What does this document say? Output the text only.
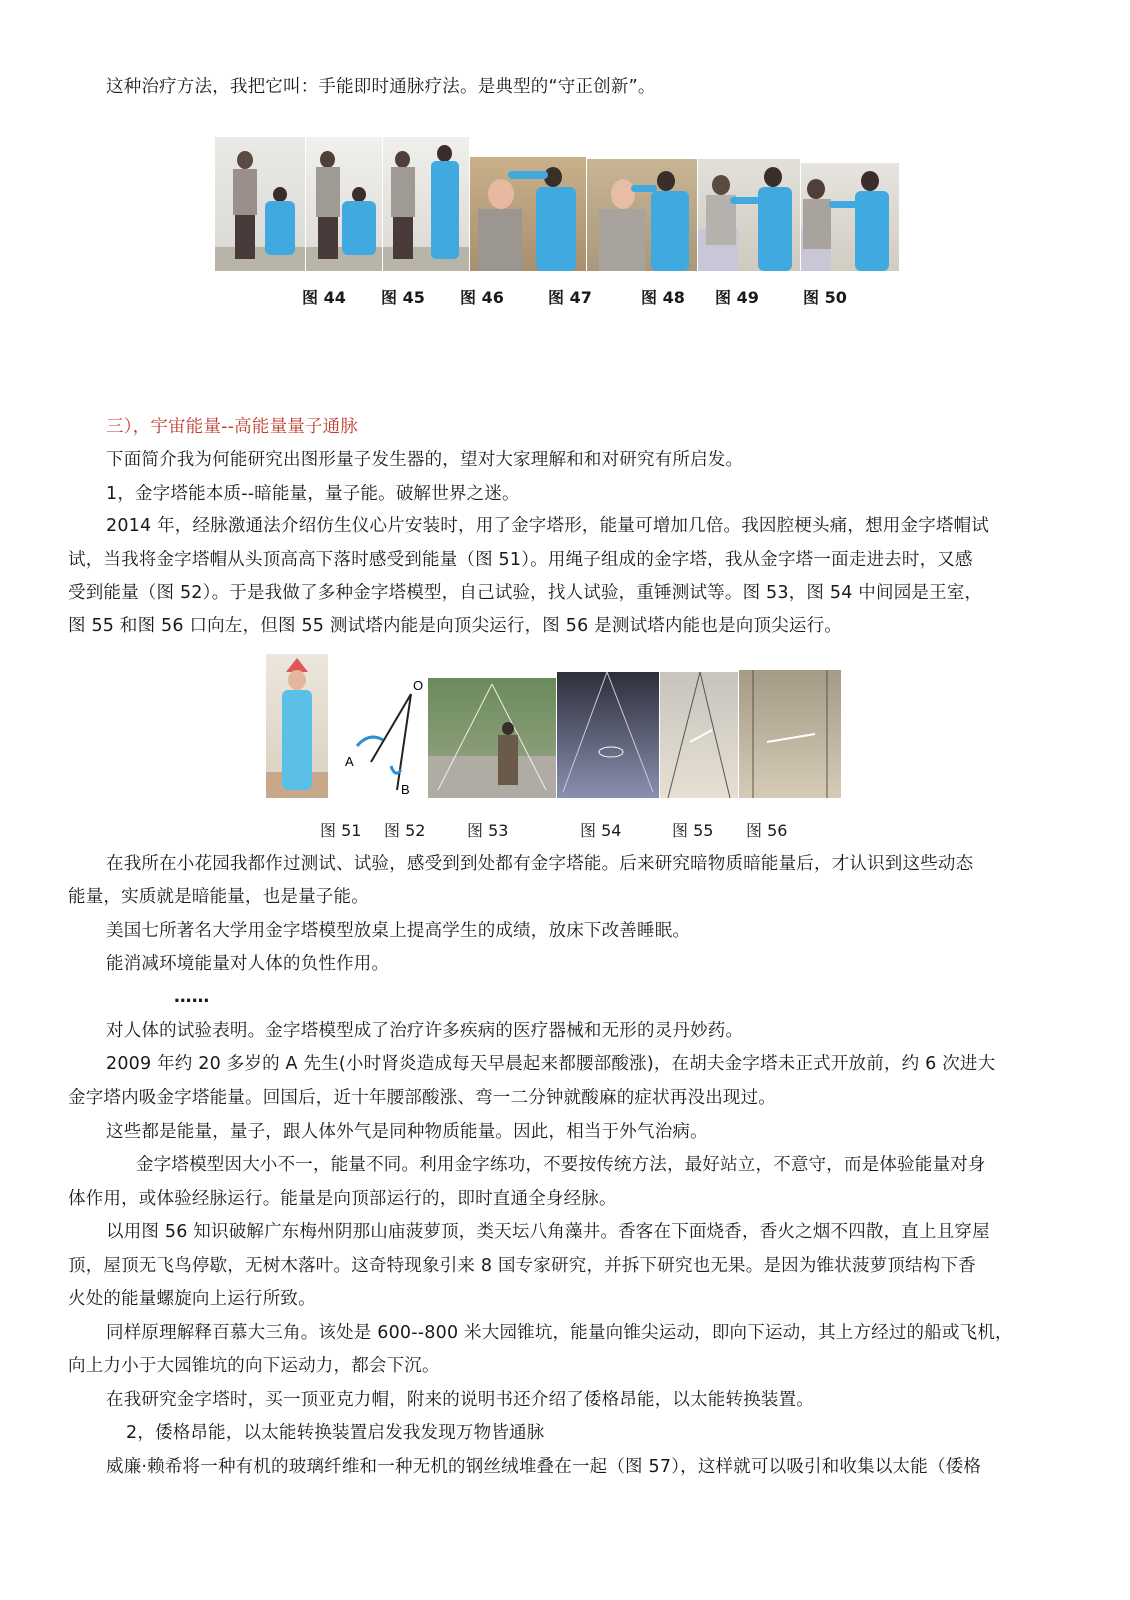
这种治疗方法，我把它叫：手能即时通脉疗法。是典型的“守正创新”。
图 44 图 45 图 46	图 47	图 48 图 49	图 50
三），宇宙能量--高能量量子通脉
下面简介我为何能研究出图形量子发生器的，望对大家理解和和对研究有所启发。
1，金字塔能本质--暗能量，量子能。破解世界之迷。
2014 年，经脉激通法介绍仿生仪心片安装时，用了金字塔形，能量可增加几倍。我因腔梗头痛，想用金字塔帽试
试，当我将金字塔帽从头顶高高下落时感受到能量（图 51）。用绳子组成的金字塔，我从金字塔一面走进去时，又感
受到能量（图 52）。于是我做了多种金字塔模型，自己试验，找人试验，重锤测试等。图 53，图 54 中间园是王室，
图 55 和图 56 口向左，但图 55 测试塔内能是向顶尖运行，图 56 是测试塔内能也是向顶尖运行。
O
A
B
图 51 图 52	图 53	图 54	图 55 图 56
在我所在小花园我都作过测试、试验，感受到到处都有金字塔能。后来研究暗物质暗能量后，才认识到这些动态
能量，实质就是暗能量，也是量子能。
美国七所著名大学用金字塔模型放桌上提高学生的成绩，放床下改善睡眠。
能消减环境能量对人体的负性作用。
……
对人体的试验表明。金字塔模型成了治疗许多疾病的医疗器械和无形的灵丹妙药。
2009 年约 20 多岁的 A 先生(小时肾炎造成每天早晨起来都腰部酸涨)，在胡夫金字塔未正式开放前，约 6 次进大
金字塔内吸金字塔能量。回国后，近十年腰部酸涨、弯一二分钟就酸麻的症状再没出现过。
这些都是能量，量子，跟人体外气是同种物质能量。因此，相当于外气治病。
金字塔模型因大小不一，能量不同。利用金字练功，不要按传统方法，最好站立，不意守，而是体验能量对身
体作用，或体验经脉运行。能量是向顶部运行的，即时直通全身经脉。
以用图 56 知识破解广东梅州阴那山庙菠萝顶，类天坛八角藻井。香客在下面烧香，香火之烟不四散，直上且穿屋
顶，屋顶无飞鸟停歇，无树木落叶。这奇特现象引来 8 国专家研究，并拆下研究也无果。是因为锥状菠萝顶结构下香
火处的能量螺旋向上运行所致。
同样原理解释百慕大三角。该处是 600--800 米大园锥坑，能量向锥尖运动，即向下运动，其上方经过的船或飞机，
向上力小于大园锥坑的向下运动力，都会下沉。
在我研究金字塔时，买一顶亚克力帽，附来的说明书还介绍了倭格昂能，以太能转换装置。
2，倭格昂能，以太能转换装置启发我发现万物皆通脉
威廉·赖希将一种有机的玻璃纤维和一种无机的钢丝绒堆叠在一起（图 57），这样就可以吸引和收集以太能（倭格
